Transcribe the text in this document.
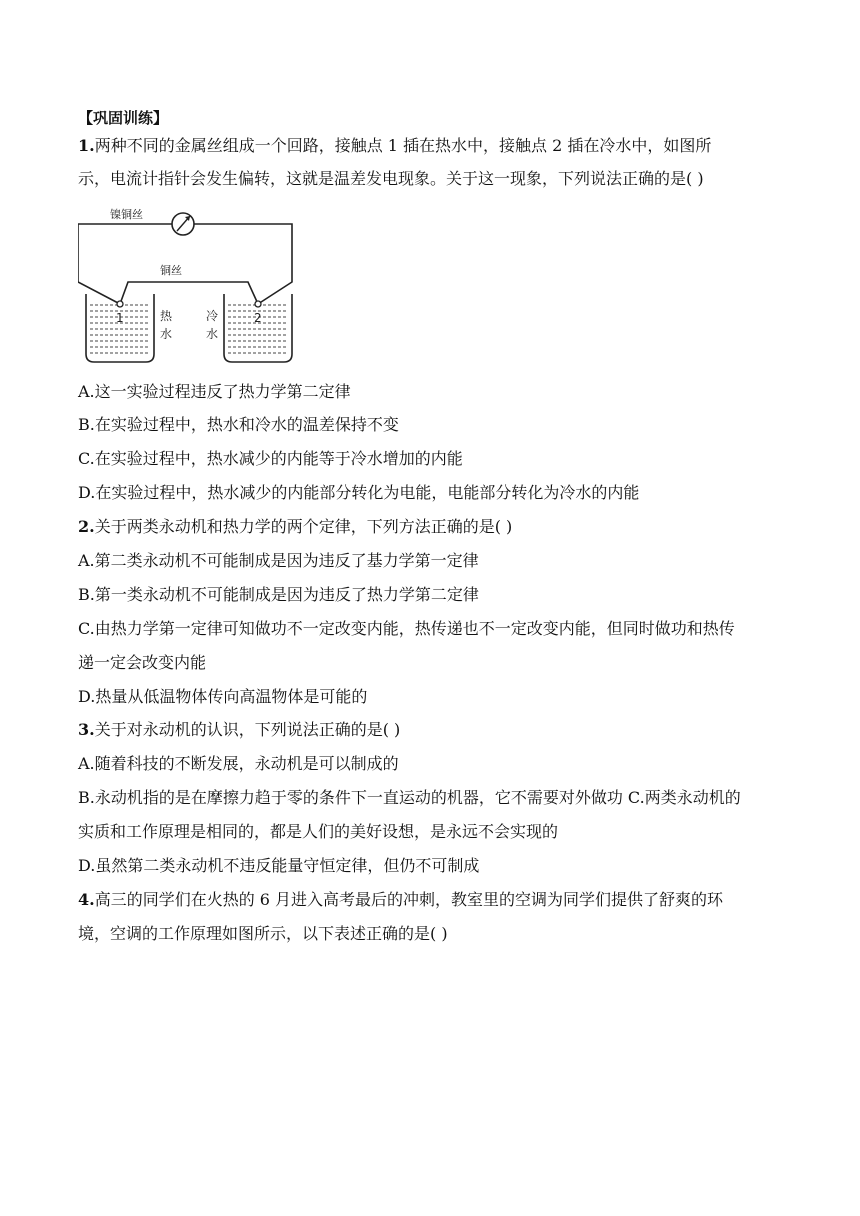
【巩固训练】
1.两种不同的金属丝组成一个回路，接触点 1 插在热水中，接触点 2 插在冷水中，如图所
示，电流计指针会发生偏转，这就是温差发电现象。关于这一现象，下列说法正确的是( )
镍铜丝
铜丝
1	热
水
2
冷
水
A.这一实验过程违反了热力学第二定律
B.在实验过程中，热水和冷水的温差保持不变
C.在实验过程中，热水减少的内能等于冷水增加的内能
D.在实验过程中，热水减少的内能部分转化为电能，电能部分转化为冷水的内能
2.关于两类永动机和热力学的两个定律，下列方法正确的是( )
A.第二类永动机不可能制成是因为违反了基力学第一定律
B.第一类永动机不可能制成是因为违反了热力学第二定律
C.由热力学第一定律可知做功不一定改变内能，热传递也不一定改变内能，但同时做功和热传
递一定会改变内能
D.热量从低温物体传向高温物体是可能的
3.关于对永动机的认识，下列说法正确的是( )
A.随着科技的不断发展，永动机是可以制成的
B.永动机指的是在摩擦力趋于零的条件下一直运动的机器，它不需要对外做功 C.两类永动机的
实质和工作原理是相同的，都是人们的美好设想，是永远不会实现的
D.虽然第二类永动机不违反能量守恒定律，但仍不可制成
4.高三的同学们在火热的 6 月进入高考最后的冲刺，教室里的空调为同学们提供了舒爽的环
境，空调的工作原理如图所示，以下表述正确的是( )
